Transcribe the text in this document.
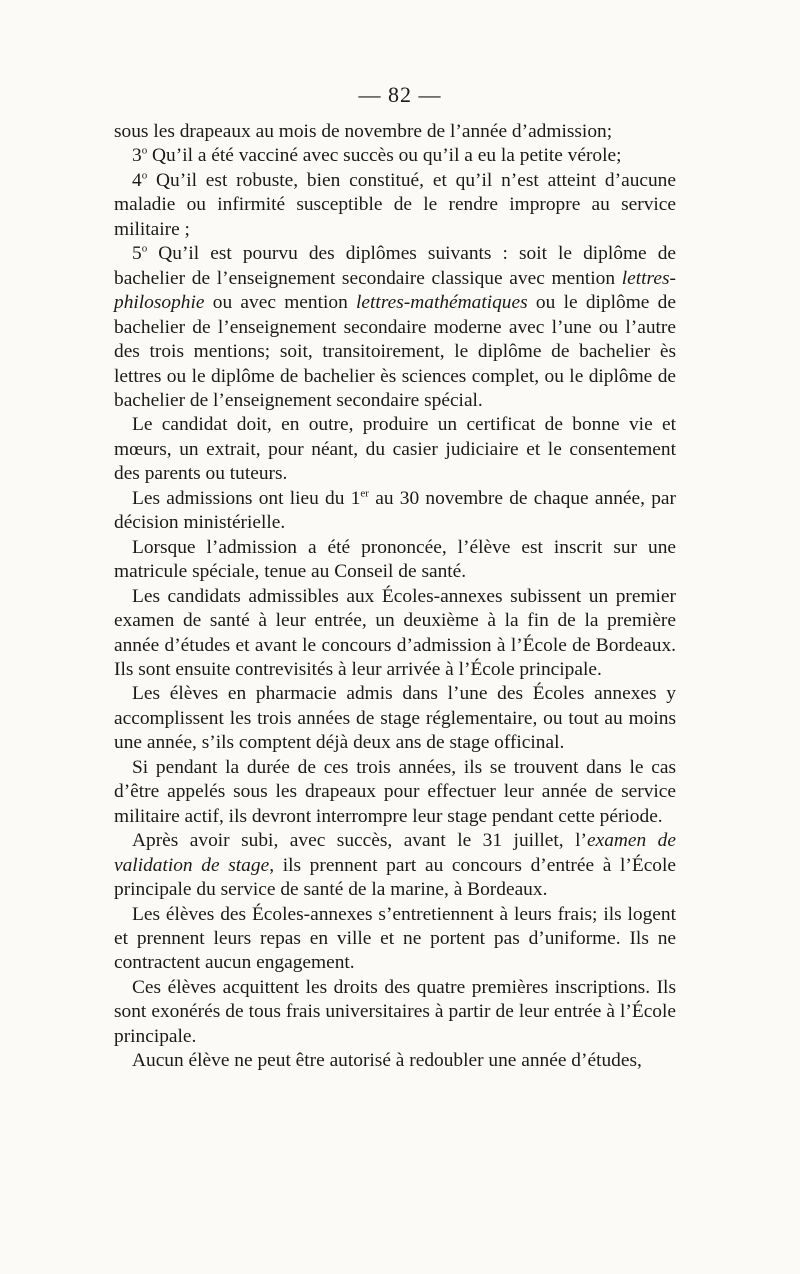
— 82 —

sous les drapeaux au mois de novembre de l’année d’admission;

3$^o$ Qu’il a été vacciné avec succès ou qu’il a eu la petite vérole;

4$^o$ Qu’il est robuste, bien constitué, et qu’il n’est atteint d’aucune maladie ou infirmité susceptible de le rendre impropre au service militaire ;

5$^o$ Qu’il est pourvu des diplômes suivants : soit le diplôme de bachelier de l’enseignement secondaire classique avec mention lettres-philosophie ou avec mention lettres-mathématiques ou le diplôme de bachelier de l’enseignement secondaire moderne avec l’une ou l’autre des trois mentions; soit, transitoirement, le diplôme de bachelier ès lettres ou le diplôme de bachelier ès sciences complet, ou le diplôme de bachelier de l’enseignement secondaire spécial.

Le candidat doit, en outre, produire un certificat de bonne vie et mœurs, un extrait, pour néant, du casier judiciaire et le consentement des parents ou tuteurs.

Les admissions ont lieu du 1er au 30 novembre de chaque année, par décision ministérielle.

Lorsque l’admission a été prononcée, l’élève est inscrit sur une matricule spéciale, tenue au Conseil de santé.

Les candidats admissibles aux Écoles-annexes subissent un premier examen de santé à leur entrée, un deuxième à la fin de la première année d’études et avant le concours d’admission à l’École de Bordeaux. Ils sont ensuite contrevisités à leur arrivée à l’École principale.

Les élèves en pharmacie admis dans l’une des Écoles annexes y accomplissent les trois années de stage réglementaire, ou tout au moins une année, s’ils comptent déjà deux ans de stage officinal.

Si pendant la durée de ces trois années, ils se trouvent dans le cas d’être appelés sous les drapeaux pour effectuer leur année de service militaire actif, ils devront interrompre leur stage pendant cette période.

Après avoir subi, avec succès, avant le 31 juillet, l’examen de validation de stage, ils prennent part au concours d’entrée à l’École principale du service de santé de la marine, à Bordeaux.

Les élèves des Écoles-annexes s’entretiennent à leurs frais; ils logent et prennent leurs repas en ville et ne portent pas d’uniforme. Ils ne contractent aucun engagement.

Ces élèves acquittent les droits des quatre premières inscriptions. Ils sont exonérés de tous frais universitaires à partir de leur entrée à l’École principale.

Aucun élève ne peut être autorisé à redoubler une année d’études,
